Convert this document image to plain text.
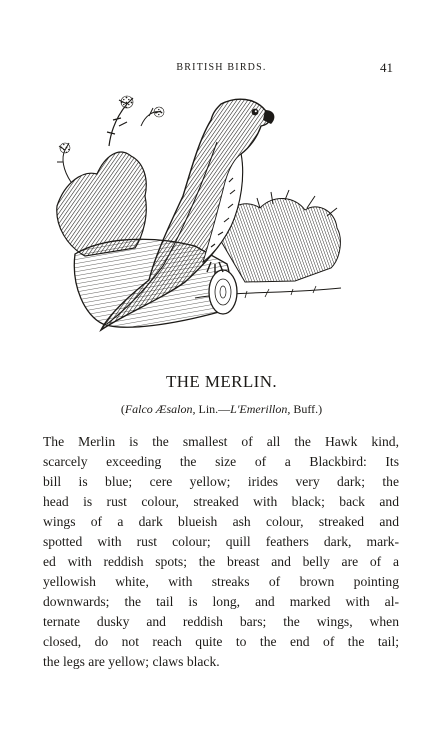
BRITISH BIRDS.	41
THE MERLIN.
(Falco Æsalon, Lin.—L'Emerillon, Buff.)
The Merlin is the smallest of all the Hawk kind,
scarcely exceeding the size of a Blackbird: Its
bill is blue; cere yellow; irides very dark; the
head is rust colour, streaked with black; back and
wings of a dark blueish ash colour, streaked and
spotted with rust colour; quill feathers dark, mark-
ed with reddish spots; the breast and belly are of a
yellowish white, with streaks of brown pointing
downwards; the tail is long, and marked with al-
ternate dusky and reddish bars; the wings, when
closed, do not reach quite to the end of the tail;
the legs are yellow; claws black.
